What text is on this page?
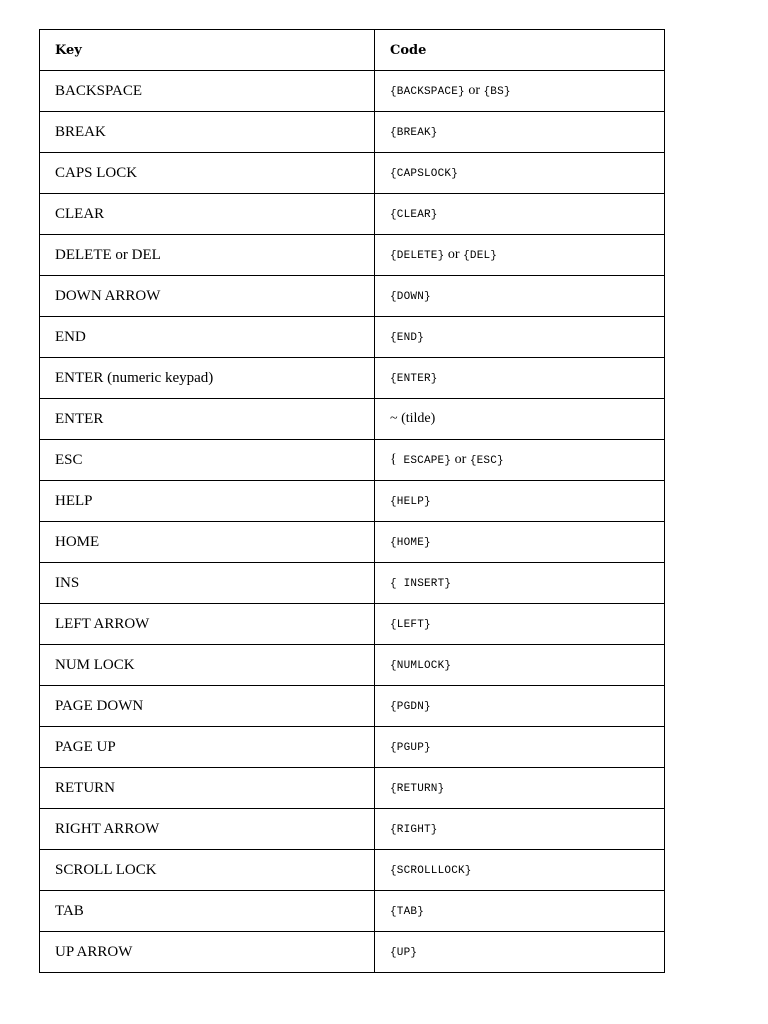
Key	Code
BACKSPACE	{BACKSPACE} or {BS}
BREAK	{BREAK}
CAPS LOCK	{CAPSLOCK}
CLEAR	{CLEAR}
DELETE or DEL	{DELETE} or {DEL}
DOWN ARROW	{DOWN}
END	{END}
ENTER (numeric keypad)	{ENTER}
ENTER	~ (tilde)
ESC	{ ESCAPE} or {ESC}
HELP	{HELP}
HOME	{HOME}
INS	{ INSERT}
LEFT ARROW	{LEFT}
NUM LOCK	{NUMLOCK}
PAGE DOWN	{PGDN}
PAGE UP	{PGUP}
RETURN	{RETURN}
RIGHT ARROW	{RIGHT}
SCROLL LOCK	{SCROLLLOCK}
TAB	{TAB}
UP ARROW	{UP}
